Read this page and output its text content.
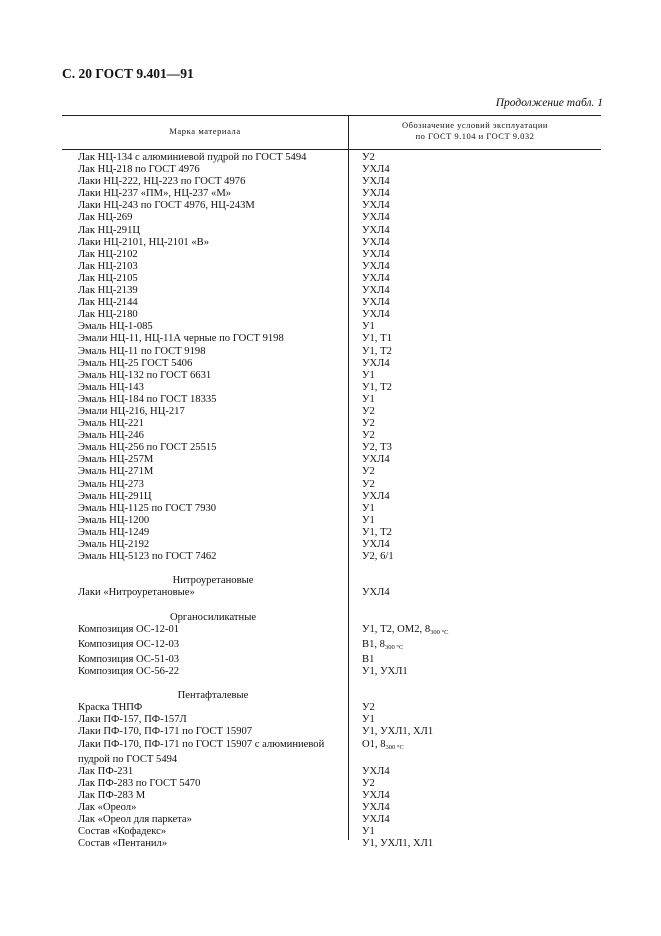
С. 20 ГОСТ 9.401—91
Продолжение табл. 1
Марка материала
Обозначение условий эксплуатации
по ГОСТ 9.104 и ГОСТ 9.032
Лак НЦ-134 с алюминиевой пудрой по ГОСТ 5494	У2
Лак НЦ-218 по ГОСТ 4976	УХЛ4
Лаки НЦ-222, НЦ-223 по ГОСТ 4976	УХЛ4
Лаки НЦ-237 «ПМ», НЦ-237 «М»	УХЛ4
Лаки НЦ-243 по ГОСТ 4976, НЦ-243М	УХЛ4
Лак НЦ-269	УХЛ4
Лак НЦ-291Ц	УХЛ4
Лаки НЦ-2101, НЦ-2101 «В»	УХЛ4
Лак НЦ-2102	УХЛ4
Лак НЦ-2103	УХЛ4
Лак НЦ-2105	УХЛ4
Лак НЦ-2139	УХЛ4
Лак НЦ-2144	УХЛ4
Лак НЦ-2180	УХЛ4
Эмаль НЦ-1-085	У1
Эмали НЦ-11, НЦ-11А черные по ГОСТ 9198	У1, Т1
Эмаль НЦ-11 по ГОСТ 9198	У1, Т2
Эмаль НЦ-25 ГОСТ 5406	УХЛ4
Эмаль НЦ-132 по ГОСТ 6631	У1
Эмаль НЦ-143	У1, Т2
Эмаль НЦ-184 по ГОСТ 18335	У1
Эмали НЦ-216, НЦ-217	У2
Эмаль НЦ-221	У2
Эмаль НЦ-246	У2
Эмаль НЦ-256 по ГОСТ 25515	У2, Т3
Эмаль НЦ-257М	УХЛ4
Эмаль НЦ-271М	У2
Эмаль НЦ-273	У2
Эмаль НЦ-291Ц	УХЛ4
Эмаль НЦ-1125 по ГОСТ 7930	У1
Эмаль НЦ-1200	У1
Эмаль НЦ-1249	У1, Т2
Эмаль НЦ-2192	УХЛ4
Эмаль НЦ-5123 по ГОСТ 7462	У2, 6/1
Нитроуретановые
Лаки «Нитроуретановые»	УХЛ4
Органосиликатные
Композиция ОС-12-01	У1, Т2, ОМ2, $8_{300 ^\circ С}$
Композиция ОС-12-03	В1, $8_{300 ^\circ С}$
Композиция ОС-51-03	В1
Композиция ОС-56-22	У1, УХЛ1
Пентафталевые
Краска ТНПФ	У2
Лаки ПФ-157, ПФ-157Л	У1
Лаки ПФ-170, ПФ-171 по ГОСТ 15907	У1, УХЛ1, ХЛ1
Лаки ПФ-170, ПФ-171 по ГОСТ 15907 с алюминиевой	О1, $8_{300 ^\circ С}$
пудрой по ГОСТ 5494
Лак ПФ-231	УХЛ4
Лак ПФ-283 по ГОСТ 5470	У2
Лак ПФ-283 М	УХЛ4
Лак «Ореол»	УХЛ4
Лак «Ореол для паркета»	УХЛ4
Состав «Кофадекс»	У1
Состав «Пентанил»	У1, УХЛ1, ХЛ1
